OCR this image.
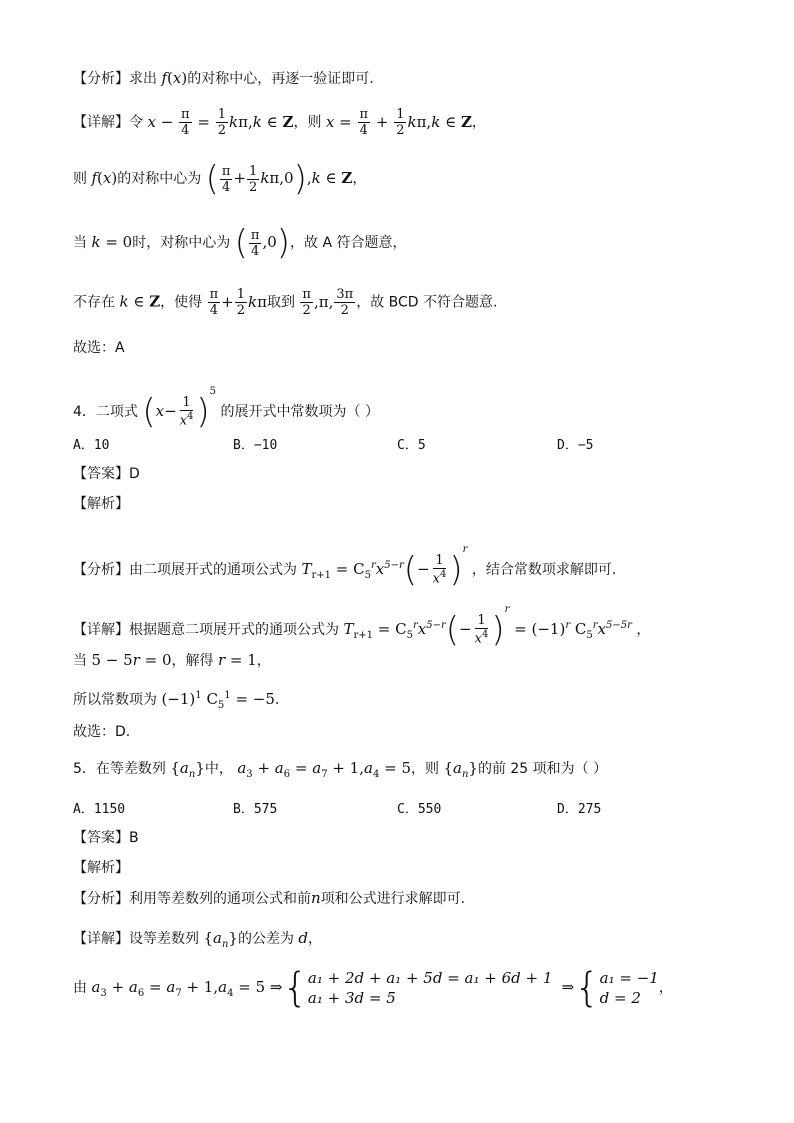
【分析】求出 f(x)的对称中心，再逐一验证即可.
【详解】令 $x - \frac{\pi}{4} = \frac{1}{2} k\pi,k$ ∈ Z，则 $x = \frac{\pi}{4} + \frac{1}{2} k\pi,k$ ∈ Z，
则 f(x)的对称中心为 ( $\frac{\pi}{4} + \frac{1}{2} k\pi,0),k$ ∈ Z，
当 k = 0时，对称中心为 ( $\frac{\pi}{4} ,0$)，故 A 符合题意，
不存在 k ∈ Z，使得 $\frac{\pi}{4} + \frac{1}{2}$ kπ取到 $\frac{\pi}{2} ,\pi$, $\frac{3\pi}{2}$ ，故 BCD 不符合题意.
故选：A
4．二项式 $(x- \frac{1}{x^4} )^5$ 的展开式中常数项为（ ）
A．10	B．−10	C．5	D．−5
【答案】D
【解析】
【分析】由二项展开式的通项公式为 $T_{r+1} = C_5^rx^{5-r}(- \frac{1}{x^4} )^r$ ，结合常数项求解即可.
【详解】根据题意二项展开式的通项公式为 $T_{r+1} = C_5^rx^{5-r}(- \frac{1}{x^4} )^r = (-1)^r$ $C_5^rx^{5-5r}$ ，
当 5 − 5r = 0，解得 r = 1，
所以常数项为 $(-1)^1$ $C_5^1 = -5$.
故选：D.
5．在等差数列 $\{a_n\}$中， $a_3 + a_6 = a_7 + 1,a_4 = 5$，则 $\{a_n\}$的前 25 项和为（ ）
A．1150	B．575	C．550	D．275
【答案】B
【解析】
【分析】利用等差数列的通项公式和前n项和公式进行求解即可.
【详解】设等差数列 $\{a_n\}$的公差为 d，
由 $a_3 + a_6 = a_7 + 1,a_4 = 5$ ⇒{ a₁ + 2d + a₁ + 5d = a₁ + 6d + 1
a₁ + 3d = 5
⇒{ a₁ = −1
d = 2
，
